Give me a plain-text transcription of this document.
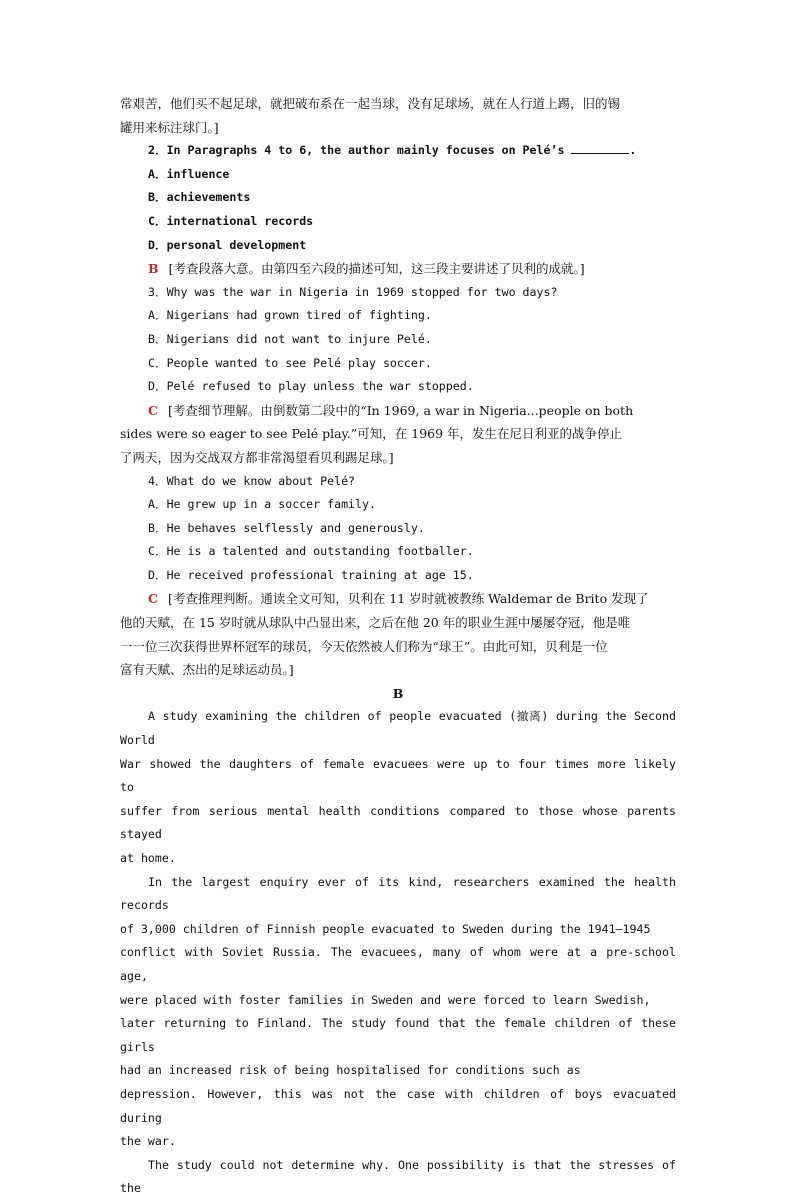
常艰苦，他们买不起足球，就把破布系在一起当球，没有足球场，就在人行道上踢，旧的锡

罐用来标注球门。]

2．In Paragraphs 4 to 6, the author mainly focuses on Pelé’s	.

A．influence

B．achievements

C．international records

D．personal development

B [考查段落大意。由第四至六段的描述可知，这三段主要讲述了贝利的成就。]

3．Why was the war in Nigeria in 1969 stopped for two days?

A．Nigerians had grown tired of fighting.

B．Nigerians did not want to injure Pelé.

C．People wanted to see Pelé play soccer.

D．Pelé refused to play unless the war stopped.

C [考查细节理解。由倒数第二段中的“In 1969, a war in Nigeria...people on both

sides were so eager to see Pelé play.”可知，在 1969 年，发生在尼日利亚的战争停止

了两天，因为交战双方都非常渴望看贝利踢足球。]

4．What do we know about Pelé?

A．He grew up in a soccer family.

B．He behaves selflessly and generously.

C．He is a talented and outstanding footballer.

D．He received professional training at age 15.

C [考查推理判断。通读全文可知，贝利在 11 岁时就被教练 Waldemar de Brito 发现了

他的天赋，在 15 岁时就从球队中凸显出来，之后在他 20 年的职业生涯中屡屡夺冠，他是唯

一一位三次获得世界杯冠军的球员，今天依然被人们称为“球王”。由此可知，贝利是一位

富有天赋、杰出的足球运动员。]

B

A study examining the children of people evacuated (撤离) during the Second World

War showed the daughters of female evacuees were up to four times more likely to

suffer from serious mental health conditions compared to those whose parents stayed

at home.

In the largest enquiry ever of its kind, researchers examined the health records

of 3,000 children of Finnish people evacuated to Sweden during the 1941—1945

conflict with Soviet Russia. The evacuees, many of whom were at a pre-school age,

were placed with foster families in Sweden and were forced to learn Swedish,

later returning to Finland. The study found that the female children of these girls

had an increased risk of being hospitalised for conditions such as

depression. However, this was not the case with children of boys evacuated during

the war.

The study could not determine why. One possibility is that the stresses of the
